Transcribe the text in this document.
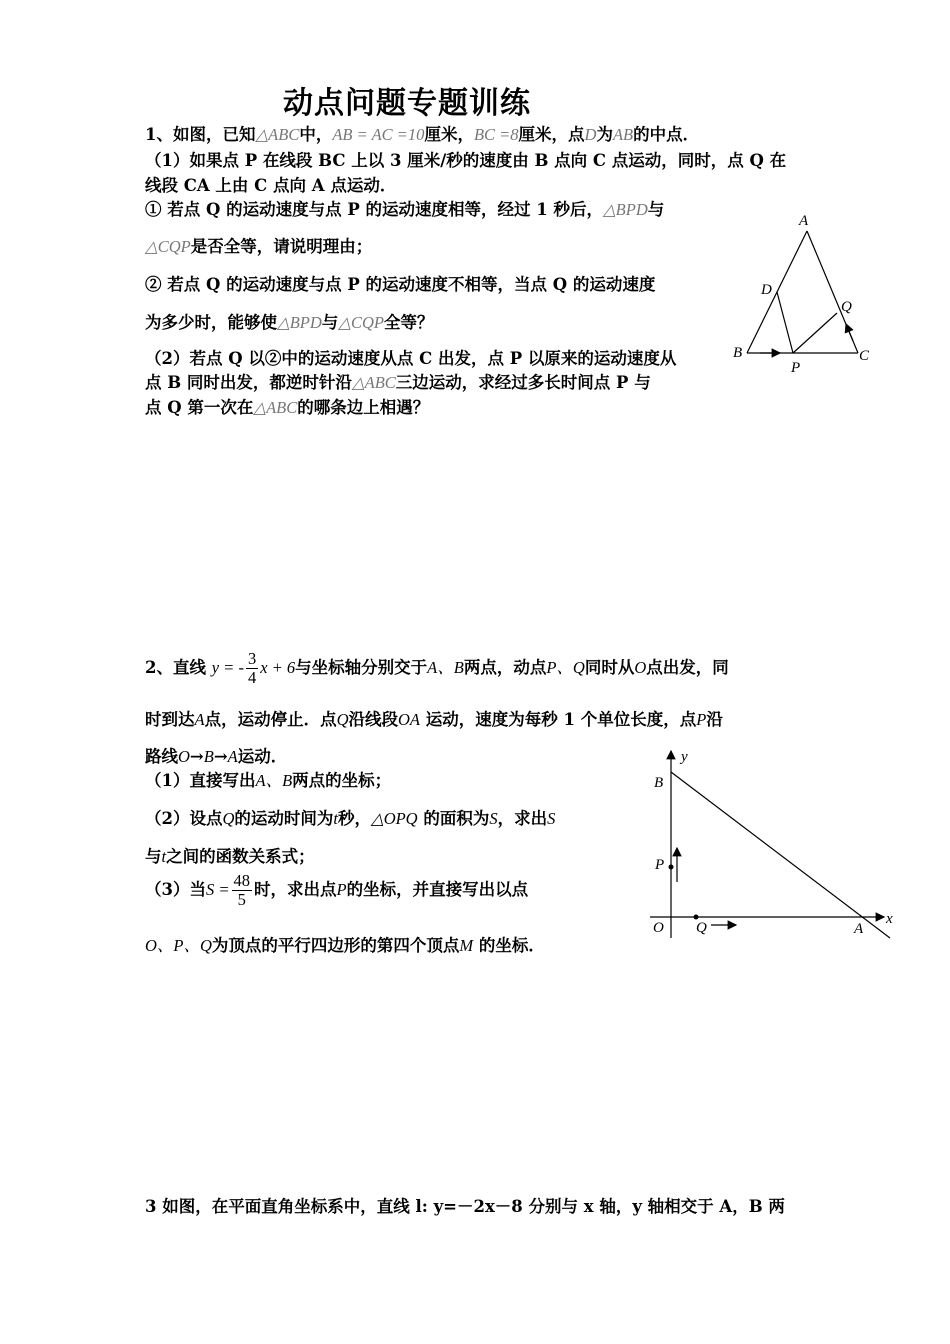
动点问题专题训练
1、如图，已知△ABC中，AB = AC =10厘米，BC =8厘米，点D为AB的中点．
（1）如果点 P 在线段 BC 上以 3 厘米/秒的速度由 B 点向 C 点运动，同时，点 Q 在
线段 CA 上由 C 点向 A 点运动．
① 若点 Q 的运动速度与点 P 的运动速度相等，经过 1 秒后，△BPD与
△CQP是否全等，请说明理由；
② 若点 Q 的运动速度与点 P 的运动速度不相等，当点 Q 的运动速度
为多少时，能够使△BPD与△CQP全等？
（2）若点 Q 以②中的运动速度从点 C 出发，点 P 以原来的运动速度从
点 B 同时出发，都逆时针沿△ABC三边运动，求经过多长时间点 P 与
点 Q 第一次在△ABC的哪条边上相遇？
A
D
Q
B
P
C
2、直线 y = - $\frac{3}{4}$ x + 6与坐标轴分别交于A、B两点，动点P、Q同时从O点出发，同
时到达A点，运动停止．点Q沿线段OA 运动，速度为每秒 1 个单位长度，点P沿
路线O→B→A运动．
（1）直接写出A、B两点的坐标；
（2）设点Q的运动时间为t秒，△OPQ 的面积为S，求出S
与t之间的函数关系式；
（3）当$S = \frac{48}{5}$ 时，求出点P的坐标，并直接写出以点
O、P、Q为顶点的平行四边形的第四个顶点M 的坐标．
y
B
P
O Q	A
x
3 如图，在平面直角坐标系中，直线 l: y=－2x－8 分别与 x 轴，y 轴相交于 A，B 两
